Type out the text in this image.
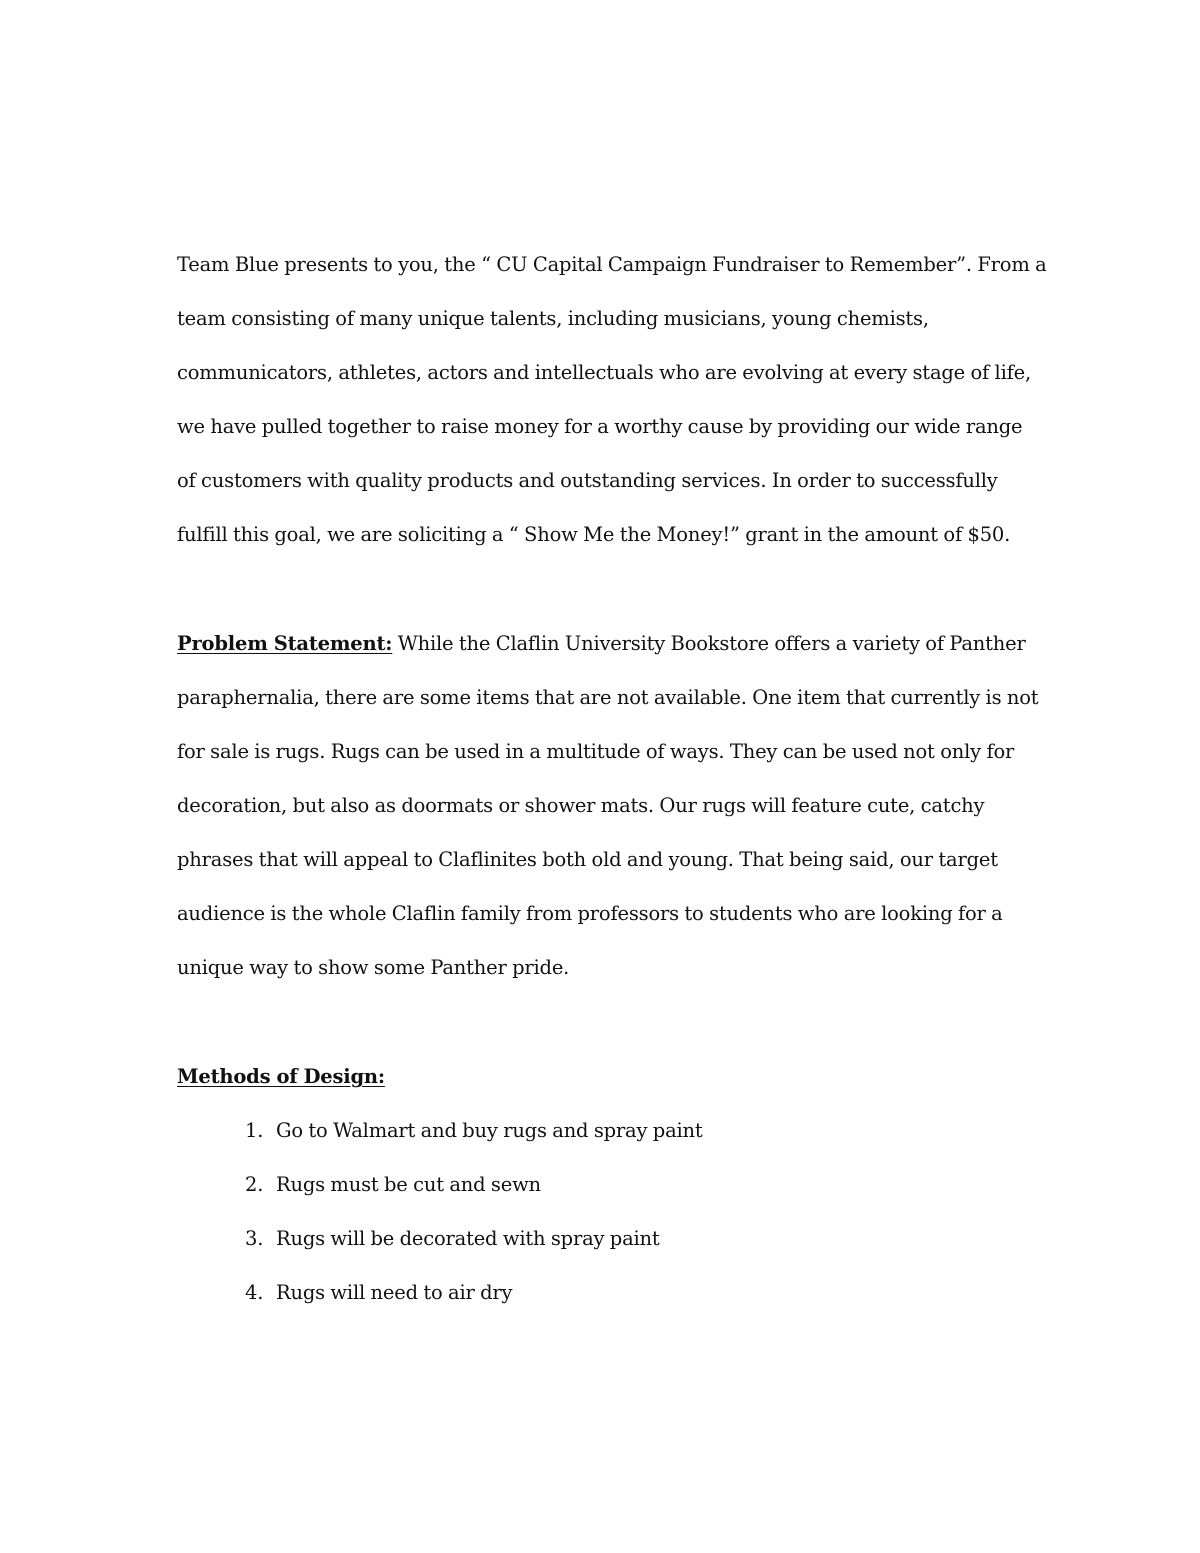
Team Blue presents to you, the “ CU Capital Campaign Fundraiser to Remember”. From a
team consisting of many unique talents, including musicians, young chemists,
communicators, athletes, actors and intellectuals who are evolving at every stage of life,
we have pulled together to raise money for a worthy cause by providing our wide range
of customers with quality products and outstanding services. In order to successfully
fulfill this goal, we are soliciting a “ Show Me the Money!” grant in the amount of $50.
Problem Statement: While the Claflin University Bookstore offers a variety of Panther
paraphernalia, there are some items that are not available. One item that currently is not
for sale is rugs. Rugs can be used in a multitude of ways. They can be used not only for
decoration, but also as doormats or shower mats. Our rugs will feature cute, catchy
phrases that will appeal to Claflinites both old and young. That being said, our target
audience is the whole Claflin family from professors to students who are looking for a
unique way to show some Panther pride.
Methods of Design:
1. Go to Walmart and buy rugs and spray paint
2. Rugs must be cut and sewn
3. Rugs will be decorated with spray paint
4. Rugs will need to air dry
